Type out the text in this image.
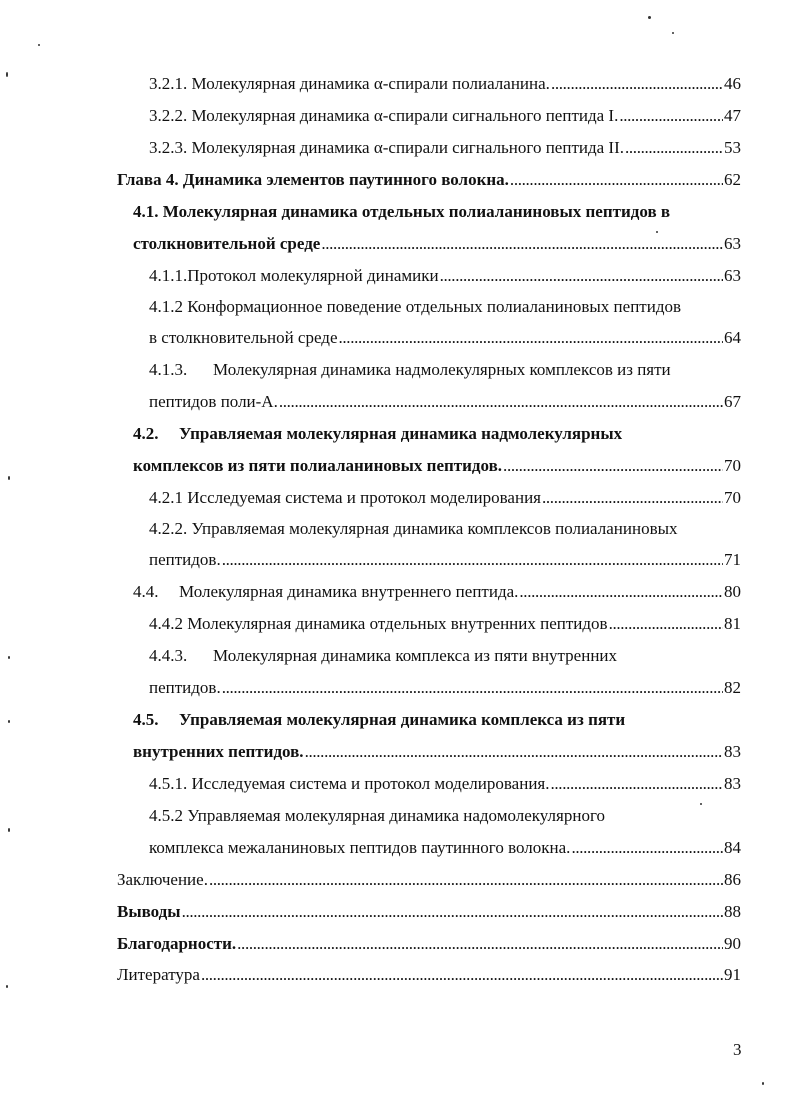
3.2.1. Молекулярная динамика α-спирали полиаланина. . . .	46
3.2.2. Молекулярная динамика α-спирали сигнального пептида I. . . .	47
3.2.3. Молекулярная динамика α-спирали сигнального пептида II. . . .	53
Глава 4. Динамика элементов паутинного волокна. . . .	62
4.1. Молекулярная динамика отдельных полиаланиновых пептидов в
столкновительной среде . . .	63
4.1.1.Протокол молекулярной динамики . . .	63
4.1.2 Конформационное поведение отдельных полиаланиновых пептидов
в столкновительной среде . . .	64
4.1.3. Молекулярная динамика надмолекулярных комплексов из пяти
пептидов поли-А. . . .	67
4.2. Управляемая молекулярная динамика надмолекулярных
комплексов из пяти полиаланиновых пептидов. . . .	70
4.2.1 Исследуемая система и протокол моделирования . . .	70
4.2.2. Управляемая молекулярная динамика комплексов полиаланиновых
пептидов. . . .	71
4.4. Молекулярная динамика внутреннего пептида. . . .	80
4.4.2 Молекулярная динамика отдельных внутренних пептидов . . .	81
4.4.3. Молекулярная динамика комплекса из пяти внутренних
пептидов. . . .	82
4.5. Управляемая молекулярная динамика комплекса из пяти
внутренних пептидов. . . .	83
4.5.1. Исследуемая система и протокол моделирования. . . .	83
4.5.2 Управляемая молекулярная динамика надомолекулярного
комплекса межаланиновых пептидов паутинного волокна. . . .	84
Заключение. . . .	86
Выводы . . .	88
Благодарности. . . .	90
Литература . . .	91
3
